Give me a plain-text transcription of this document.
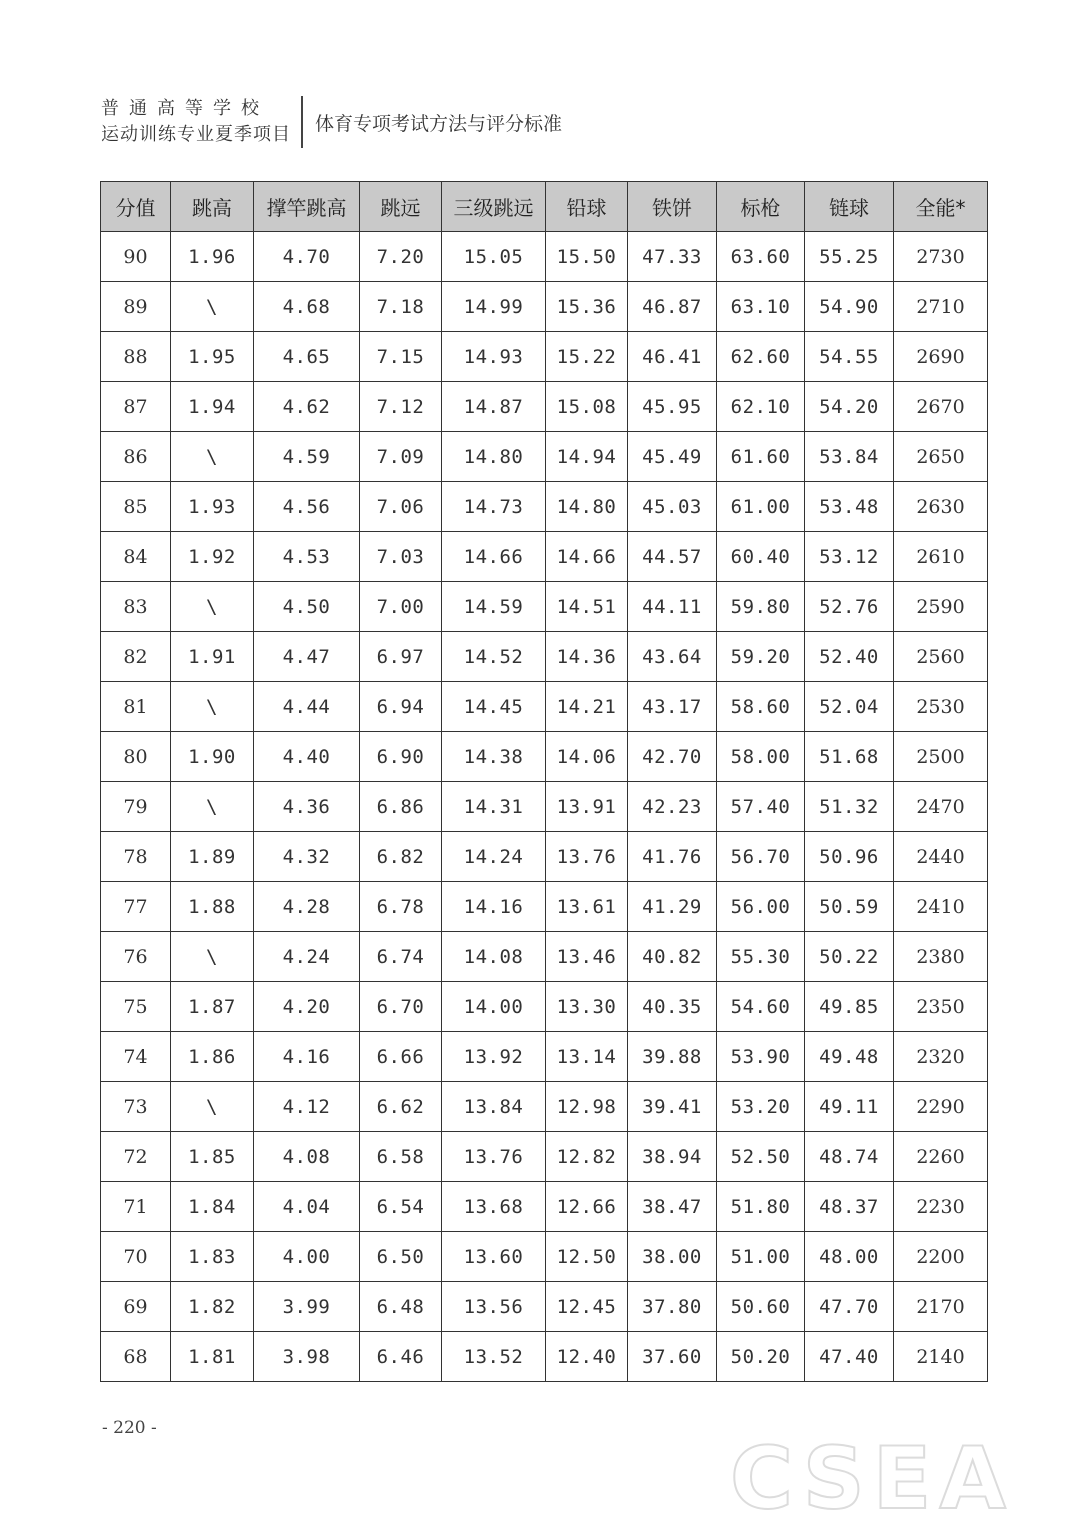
普通高等学校
运动训练专业夏季项目 体育专项考试方法与评分标准
分值	跳高	撑竿跳高	跳远	三级跳远	铅球	铁饼	标枪	链球	全能*
90	1.96	4.70	7.20	15.05	15.50	47.33	63.60	55.25	2730
89	\	4.68	7.18	14.99	15.36	46.87	63.10	54.90	2710
88	1.95	4.65	7.15	14.93	15.22	46.41	62.60	54.55	2690
87	1.94	4.62	7.12	14.87	15.08	45.95	62.10	54.20	2670
86	\	4.59	7.09	14.80	14.94	45.49	61.60	53.84	2650
85	1.93	4.56	7.06	14.73	14.80	45.03	61.00	53.48	2630
84	1.92	4.53	7.03	14.66	14.66	44.57	60.40	53.12	2610
83	\	4.50	7.00	14.59	14.51	44.11	59.80	52.76	2590
82	1.91	4.47	6.97	14.52	14.36	43.64	59.20	52.40	2560
81	\	4.44	6.94	14.45	14.21	43.17	58.60	52.04	2530
80	1.90	4.40	6.90	14.38	14.06	42.70	58.00	51.68	2500
79	\	4.36	6.86	14.31	13.91	42.23	57.40	51.32	2470
78	1.89	4.32	6.82	14.24	13.76	41.76	56.70	50.96	2440
77	1.88	4.28	6.78	14.16	13.61	41.29	56.00	50.59	2410
76	\	4.24	6.74	14.08	13.46	40.82	55.30	50.22	2380
75	1.87	4.20	6.70	14.00	13.30	40.35	54.60	49.85	2350
74	1.86	4.16	6.66	13.92	13.14	39.88	53.90	49.48	2320
73	\	4.12	6.62	13.84	12.98	39.41	53.20	49.11	2290
72	1.85	4.08	6.58	13.76	12.82	38.94	52.50	48.74	2260
71	1.84	4.04	6.54	13.68	12.66	38.47	51.80	48.37	2230
70	1.83	4.00	6.50	13.60	12.50	38.00	51.00	48.00	2200
69	1.82	3.99	6.48	13.56	12.45	37.80	50.60	47.70	2170
68	1.81	3.98	6.46	13.52	12.40	37.60	50.20	47.40	2140
- 220 -
CSEA
